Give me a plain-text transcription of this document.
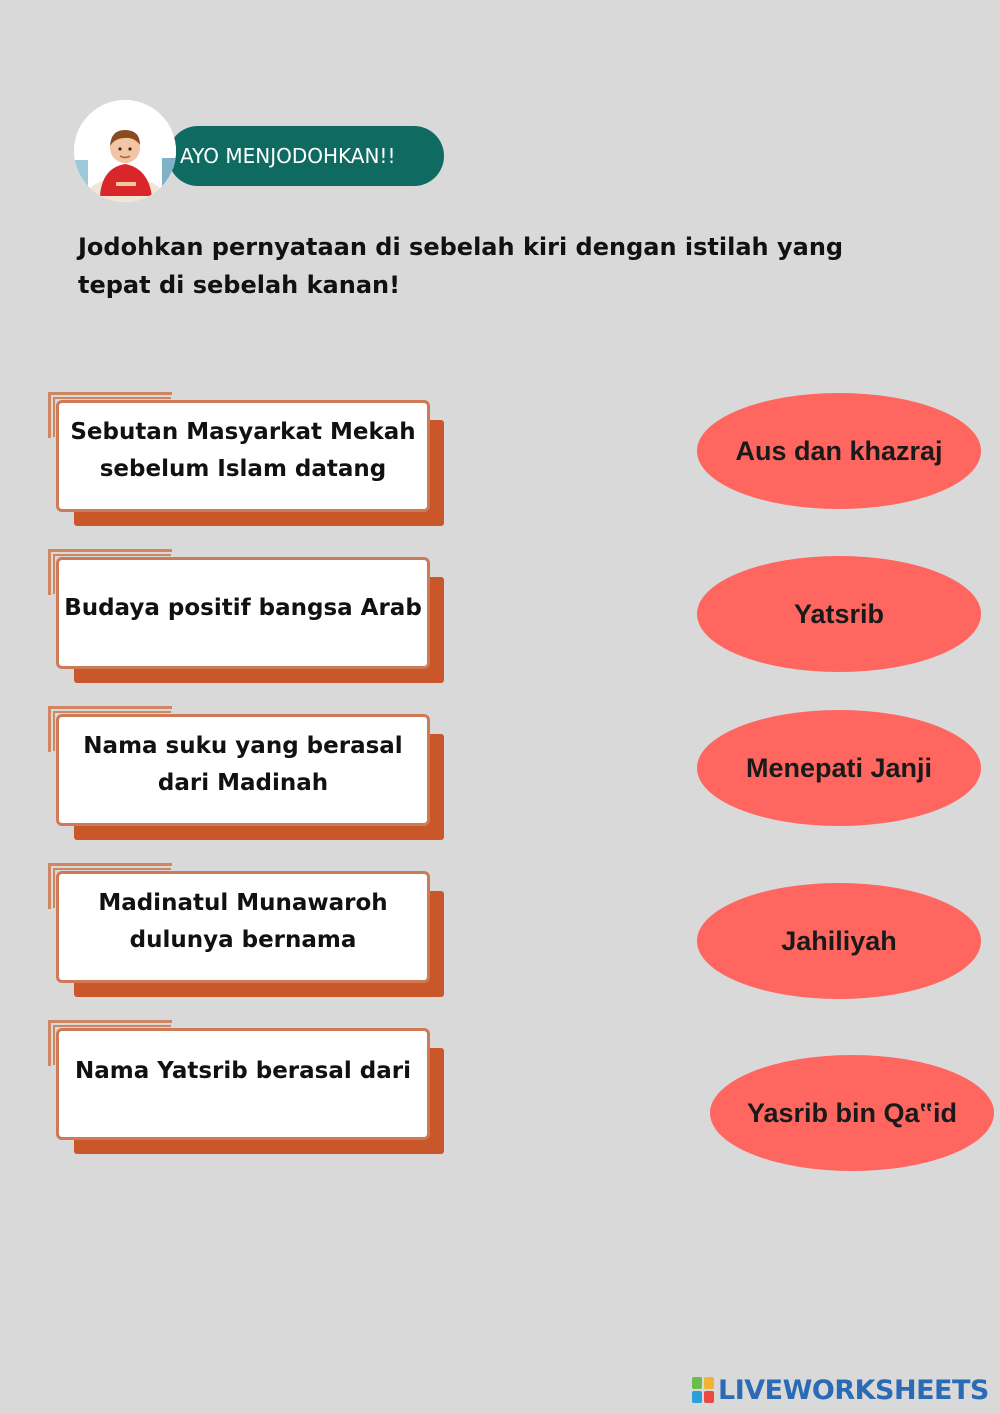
AYO MENJODOHKAN!!

Jodohkan pernyataan di sebelah kiri dengan istilah yang tepat di sebelah kanan!

Sebutan Masyarkat Mekah sebelum Islam datang
Budaya positif bangsa Arab
Nama suku yang berasal dari Madinah
Madinatul Munawaroh dulunya bernama
Nama Yatsrib berasal dari
Aus dan khazraj
Yatsrib
Menepati Janji
Jahiliyah
Yasrib bin Qa‟id
LIVEWORKSHEETS
